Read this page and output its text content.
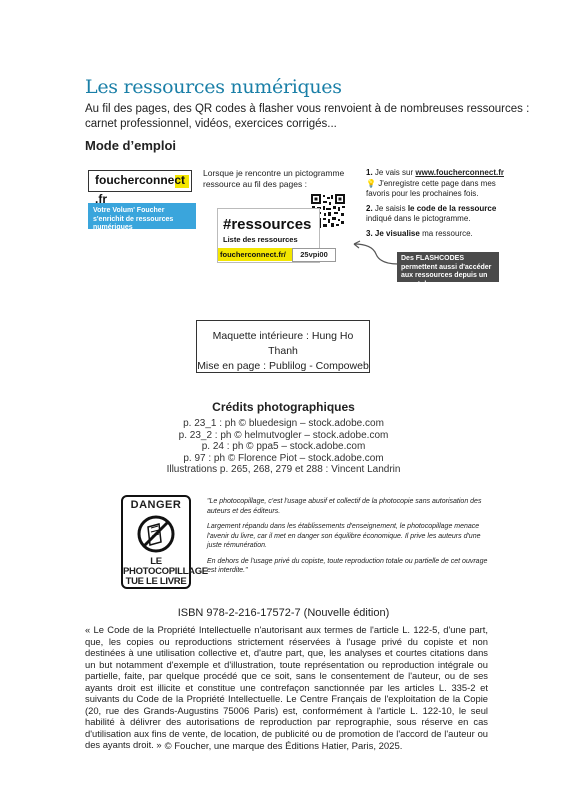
Les ressources numériques
Au fil des pages, des QR codes à flasher vous renvoient à de nombreuses ressources : carnet professionnel, vidéos, exercices corrigés...
Mode d’emploi
foucherconnect .fr
Votre Volum' Foucher s'enrichit de ressources numériques
Lorsque je rencontre un pictogramme ressource au fil des pages :
#ressources
Liste des ressources
foucherconnect.fr/	25vpi00

1. Je vais sur www.foucherconnect.fr
💡 J'enregistre cette page dans mes favoris pour les prochaines fois.

2. Je saisis le code de la ressource indiqué dans le pictogramme.

3. Je visualise ma ressource.

Des FLASHCODES permettent aussi d'accéder aux ressources depuis un smartphone
Maquette intérieure : Hung Ho Thanh
Mise en page : Publilog - Compoweb
Crédits photographiques
p. 23_1 : ph © bluedesign – stock.adobe.com
p. 23_2 : ph © helmutvogler – stock.adobe.com
p. 24 : ph © ppa5 – stock.adobe.com
p. 97 : ph © Florence Piot – stock.adobe.com
Illustrations p. 265, 268, 279 et 288 : Vincent Landrin
DANGER
LE
PHOTOCOPILLAGE
TUE LE LIVRE

"Le photocopillage, c'est l'usage abusif et collectif de la photocopie sans autorisation des auteurs et des éditeurs.

Largement répandu dans les établissements d'enseignement, le photocopillage menace l'avenir du livre, car il met en danger son équilibre économique. Il prive les auteurs d'une juste rémunération.

En dehors de l'usage privé du copiste, toute reproduction totale ou partielle de cet ouvrage est interdite."

ISBN 978-2-216-17572-7 (Nouvelle édition)
« Le Code de la Propriété Intellectuelle n'autorisant aux termes de l'article L. 122-5, d'une part, que, les copies ou reproductions strictement réservées à l'usage privé du copiste et non destinées à une utilisation collective et, d'autre part, que, les analyses et courtes citations dans un but notamment d'exemple et d'illustration, toute représentation ou reproduction intégrale ou partielle, faite, par quelque procédé que ce soit, sans le consentement de l'auteur, ou de ses ayants droit est illicite et constitue une contrefaçon sanctionnée par les articles L. 335-2 et suivants du Code de la Propriété Intellectuelle. Le Centre Français de l'exploitation de la Copie (20, rue des Grands-Augustins 75006 Paris) est, conformément à l'article L. 122-10, le seul habilité à délivrer des autorisations de reproduction par reprographie, sous réserve en cas d'utilisation aux fins de vente, de location, de publicité ou de promotion de l'accord de l'auteur ou des ayants droit. » © Foucher, une marque des Éditions Hatier, Paris, 2025.
